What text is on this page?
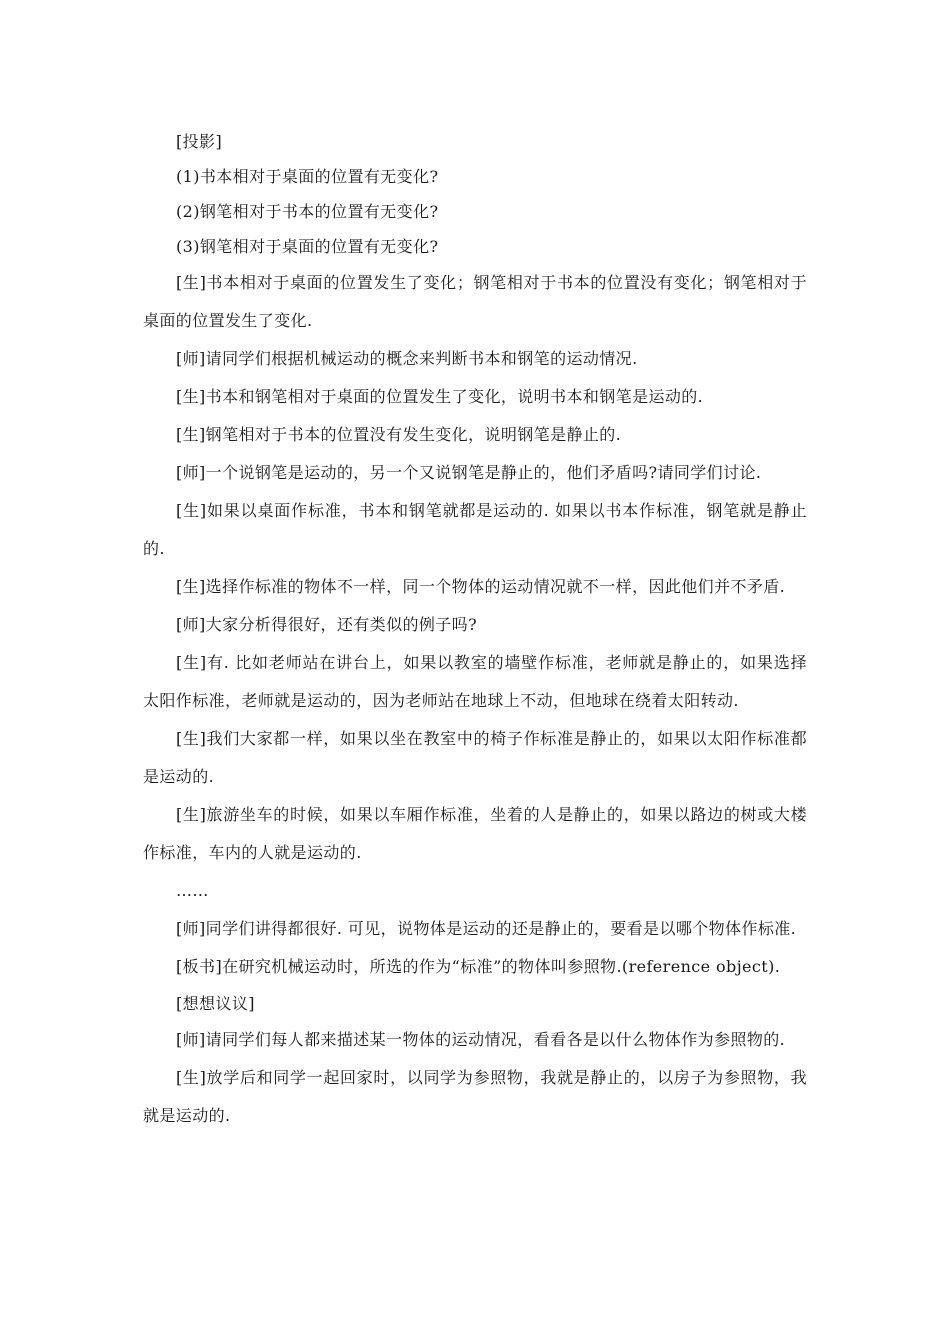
[投影]

(1)书本相对于桌面的位置有无变化?

(2)钢笔相对于书本的位置有无变化?

(3)钢笔相对于桌面的位置有无变化?

[生]书本相对于桌面的位置发生了变化；钢笔相对于书本的位置没有变化；钢笔相对于桌面的位置发生了变化.

[师]请同学们根据机械运动的概念来判断书本和钢笔的运动情况.

[生]书本和钢笔相对于桌面的位置发生了变化，说明书本和钢笔是运动的.

[生]钢笔相对于书本的位置没有发生变化，说明钢笔是静止的.

[师]一个说钢笔是运动的，另一个又说钢笔是静止的，他们矛盾吗?请同学们讨论.

[生]如果以桌面作标准，书本和钢笔就都是运动的. 如果以书本作标准，钢笔就是静止的.

[生]选择作标准的物体不一样，同一个物体的运动情况就不一样，因此他们并不矛盾.

[师]大家分析得很好，还有类似的例子吗?

[生]有. 比如老师站在讲台上，如果以教室的墙壁作标准，老师就是静止的，如果选择太阳作标准，老师就是运动的，因为老师站在地球上不动，但地球在绕着太阳转动.

[生]我们大家都一样，如果以坐在教室中的椅子作标准是静止的，如果以太阳作标准都是运动的.

[生]旅游坐车的时候，如果以车厢作标准，坐着的人是静止的，如果以路边的树或大楼作标准，车内的人就是运动的.

……

[师]同学们讲得都很好. 可见，说物体是运动的还是静止的，要看是以哪个物体作标准.

[板书]在研究机械运动时，所选的作为“标准”的物体叫参照物.(reference object).

[想想议议]

[师]请同学们每人都来描述某一物体的运动情况，看看各是以什么物体作为参照物的.

[生]放学后和同学一起回家时，以同学为参照物，我就是静止的，以房子为参照物，我就是运动的.
